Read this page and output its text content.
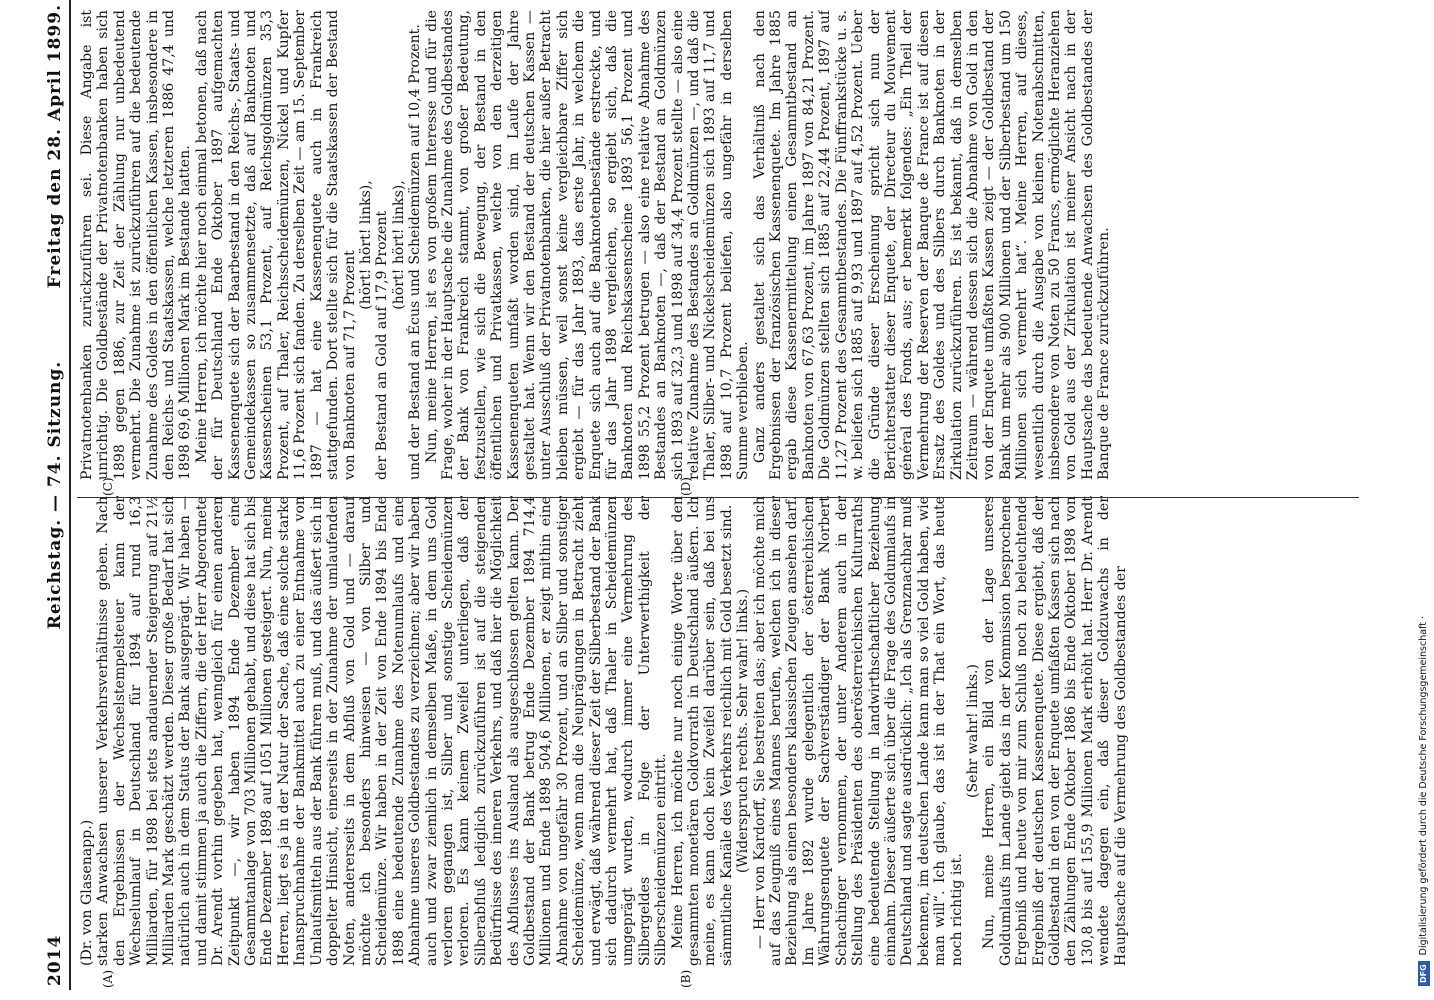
2014
Reichstag. — 74. Sitzung.
Freitag den 28. April 1899.
(A)	(B)
(C)	(D)

(Dr. von Glasenapp.) starken Anwachsen unserer Verkehrsverhältnisse geben. Nach den Ergebnissen der Wechselstempelsteuer kann der Wechselumlauf in Deutschland für 1894 auf rund 16,3 Milliarden, für 1898 bei stets andauernder Steigerung auf 21½ Milliarden Mark geschätzt werden. Dieser große Bedarf hat sich natürlich auch in dem Status der Bank ausgeprägt. Wir haben — und damit stimmen ja auch die Ziffern, die der Herr Abgeordnete Dr. Arendt vorhin gegeben hat, wenngleich für einen anderen Zeitpunkt —, wir haben 1894 Ende Dezember eine Gesammtanlage von 703 Millionen gehabt, und diese hat sich bis Ende Dezember 1898 auf 1051 Millionen gesteigert. Nun, meine Herren, liegt es ja in der Natur der Sache, daß eine solche starke Inanspruchnahme der Bankmittel auch zu einer Entnahme von Umlaufsmitteln aus der Bank führen muß, und das äußert sich in doppelter Hinsicht, einerseits in der Zunahme der umlaufenden Noten, andererseits in dem Abfluß von Gold und — darauf möchte ich besonders hinweisen — von Silber und Scheidemünze. Wir haben in der Zeit von Ende 1894 bis Ende 1898 eine bedeutende Zunahme des Notenumlaufs und eine Abnahme unseres Goldbestandes zu verzeichnen; aber wir haben auch und zwar ziemlich in demselben Maße, in dem uns Gold verloren gegangen ist, Silber und sonstige Scheidemünzen verloren. Es kann keinem Zweifel unterliegen, daß der Silberabfluß lediglich zurückzuführen ist auf die steigenden Bedürfnisse des inneren Verkehrs, und daß hier die Möglichkeit des Abflusses ins Ausland als ausgeschlossen gelten kann. Der Goldbestand der Bank betrug Ende Dezember 1894 714,4 Millionen und Ende 1898 504,6 Millionen, er zeigt mithin eine Abnahme von ungefähr 30 Prozent, und an Silber und sonstiger Scheidemünze, wenn man die Neuprägungen in Betracht zieht und erwägt, daß während dieser Zeit der Silberbestand der Bank sich dadurch vermehrt hat, daß Thaler in Scheidemünzen umgeprägt wurden, wodurch immer eine Vermehrung des Silbergeldes in Folge der Unterwerthigkeit der Silberscheidemünzen eintritt. Meine Herren, ich möchte nur noch einige Worte über den gesammten monetären Goldvorrath in Deutschland äußern. Ich meine, es kann doch kein Zweifel darüber sein, daß bei uns sämmtliche Kanäle des Verkehrs reichlich mit Gold besetzt sind. (Widerspruch rechts. Sehr wahr! links.) — Herr von Kardorff, Sie bestreiten das; aber ich möchte mich auf das Zeugniß eines Mannes berufen, welchen ich in dieser Beziehung als einen besonders klassischen Zeugen ansehen darf. Im Jahre 1892 wurde gelegentlich der österreichischen Währungsenquete der Sachverständiger der Bank Norbert Schachinger vernommen, der unter Anderem auch in der Stellung des Präsidenten des oberösterreichischen Kulturraths eine bedeutende Stellung in landwirthschaftlicher Beziehung einnahm. Dieser äußerte sich über die Frage des Goldumlaufs in Deutschland und sagte ausdrücklich: „Ich als Grenznachbar muß bekennen, im deutschen Lande kann man so viel Gold haben, wie man will“. Ich glaube, das ist in der That ein Wort, das heute noch richtig ist.

(Sehr wahr! links.) Nun, meine Herren, ein Bild von der Lage unseres Goldumlaufs im Lande giebt das in der Kommission besprochene Ergebniß und heute von mir zum Schluß noch zu beleuchtende Ergebniß der deutschen Kassenenquete. Diese ergiebt, daß der Goldbestand in den von der Enquete umfaßten Kassen sich nach den Zählungen Ende Oktober 1886 bis Ende Oktober 1898 von 130,8 bis auf 155,9 Millionen Mark erhöht hat. Herr Dr. Arendt wendete dagegen ein, daß dieser Goldzuwachs in der Hauptsache auf die Vermehrung des Goldbestandes der

Privatnotenbanken zurückzuführen sei. Diese Angabe ist unrichtig. Die Goldbestände der Privatnotenbanken haben sich 1898 gegen 1886, zur Zeit der Zählung nur unbedeutend vermehrt. Die Zunahme ist zurückzuführen auf die bedeutende Zunahme des Goldes in den öffentlichen Kassen, insbesondere in den Reichs- und Staatskassen, welche letzteren 1886 47,4 und 1898 69,6 Millionen Mark im Bestande hatten. Meine Herren, ich möchte hier noch einmal betonen, daß nach der für Deutschland Ende Oktober 1897 aufgemachten Kassenenquete sich der Baarbestand in den Reichs-, Staats- und Gemeindekassen so zusammensetzte, daß auf Banknoten und Kassenscheinen 53,1 Prozent, auf Reichsgoldmünzen 35,3 Prozent, auf Thaler, Reichsscheidemünzen, Nickel und Kupfer 11,6 Prozent sich fanden. Zu derselben Zeit — am 15. September 1897 — hat eine Kassenenquete auch in Frankreich stattgefunden. Dort stellte sich für die Staatskassen der Bestand von Banknoten auf 71,7 Prozent

(hört! hört! links), der Bestand an Gold auf 17,9 Prozent (hört! hört! links), und der Bestand an Écus und Scheidemünzen auf 10,4 Prozent. Nun, meine Herren, ist es von großem Interesse und für die Frage, woher in der Hauptsache die Zunahme des Goldbestandes der Bank von Frankreich stammt, von großer Bedeutung, festzustellen, wie sich die Bewegung, der Bestand in den öffentlichen und Privatkassen, welche von den derzeitigen Kassenenqueten umfaßt worden sind, im Laufe der Jahre gestaltet hat. Wenn wir den Bestand der deutschen Kassen — unter Ausschluß der Privatnotenbanken, die hier außer Betracht bleiben müssen, weil sonst keine vergleichbare Ziffer sich ergiebt — für das Jahr 1893, das erste Jahr, in welchem die Enquete sich auch auf die Banknotenbestände erstreckte, und für das Jahr 1898 vergleichen, so ergiebt sich, daß die Banknoten und Reichskassenscheine 1893 56,1 Prozent und 1898 55,2 Prozent betrugen — also eine relative Abnahme des Bestandes an Banknoten —, daß der Bestand an Goldmünzen sich 1893 auf 32,3 und 1898 auf 34,4 Prozent stellte — also eine relative Zunahme des Bestandes an Goldmünzen —, und daß die Thaler, Silber- und Nickelscheidemünzen sich 1893 auf 11,7 und 1898 auf 10,7 Prozent beliefen, also ungefähr in derselben Summe verblieben. Ganz anders gestaltet sich das Verhältniß nach den Ergebnissen der französischen Kassenenquete. Im Jahre 1885 ergab diese Kassenermittelung einen Gesammtbestand an Banknoten von 67,63 Prozent, im Jahre 1897 von 84,21 Prozent. Die Goldmünzen stellten sich 1885 auf 22,44 Prozent, 1897 auf 11,27 Prozent des Gesammtbestandes. Die Fünffrankstücke u. s. w. beliefen sich 1885 auf 9,93 und 1897 auf 4,52 Prozent. Ueber die Gründe dieser Erscheinung spricht sich nun der Berichterstatter dieser Enquete, der Directeur du Mouvement général des Fonds, aus; er bemerkt folgendes: „Ein Theil der Vermehrung der Reserven der Banque de France ist auf diesen Ersatz des Goldes und des Silbers durch Banknoten in der Zirkulation zurückzuführen. Es ist bekannt, daß in demselben Zeitraum — während dessen sich die Abnahme von Gold in den von der Enquete umfaßten Kassen zeigt — der Goldbestand der Bank um mehr als 900 Millionen und der Silberbestand um 150 Millionen sich vermehrt hat“. Meine Herren, auf dieses, wesentlich durch die Ausgabe von kleinen Notenabschnitten, insbesondere von Noten zu 50 Francs, ermöglichte Heranziehen von Gold aus der Zirkulation ist meiner Ansicht nach in der Hauptsache das bedeutende Anwachsen des Goldbestandes der Banque de France zurückzuführen.

DFGDigitalisierung gefördert durch die Deutsche Forschungsgemeinschaft ·
